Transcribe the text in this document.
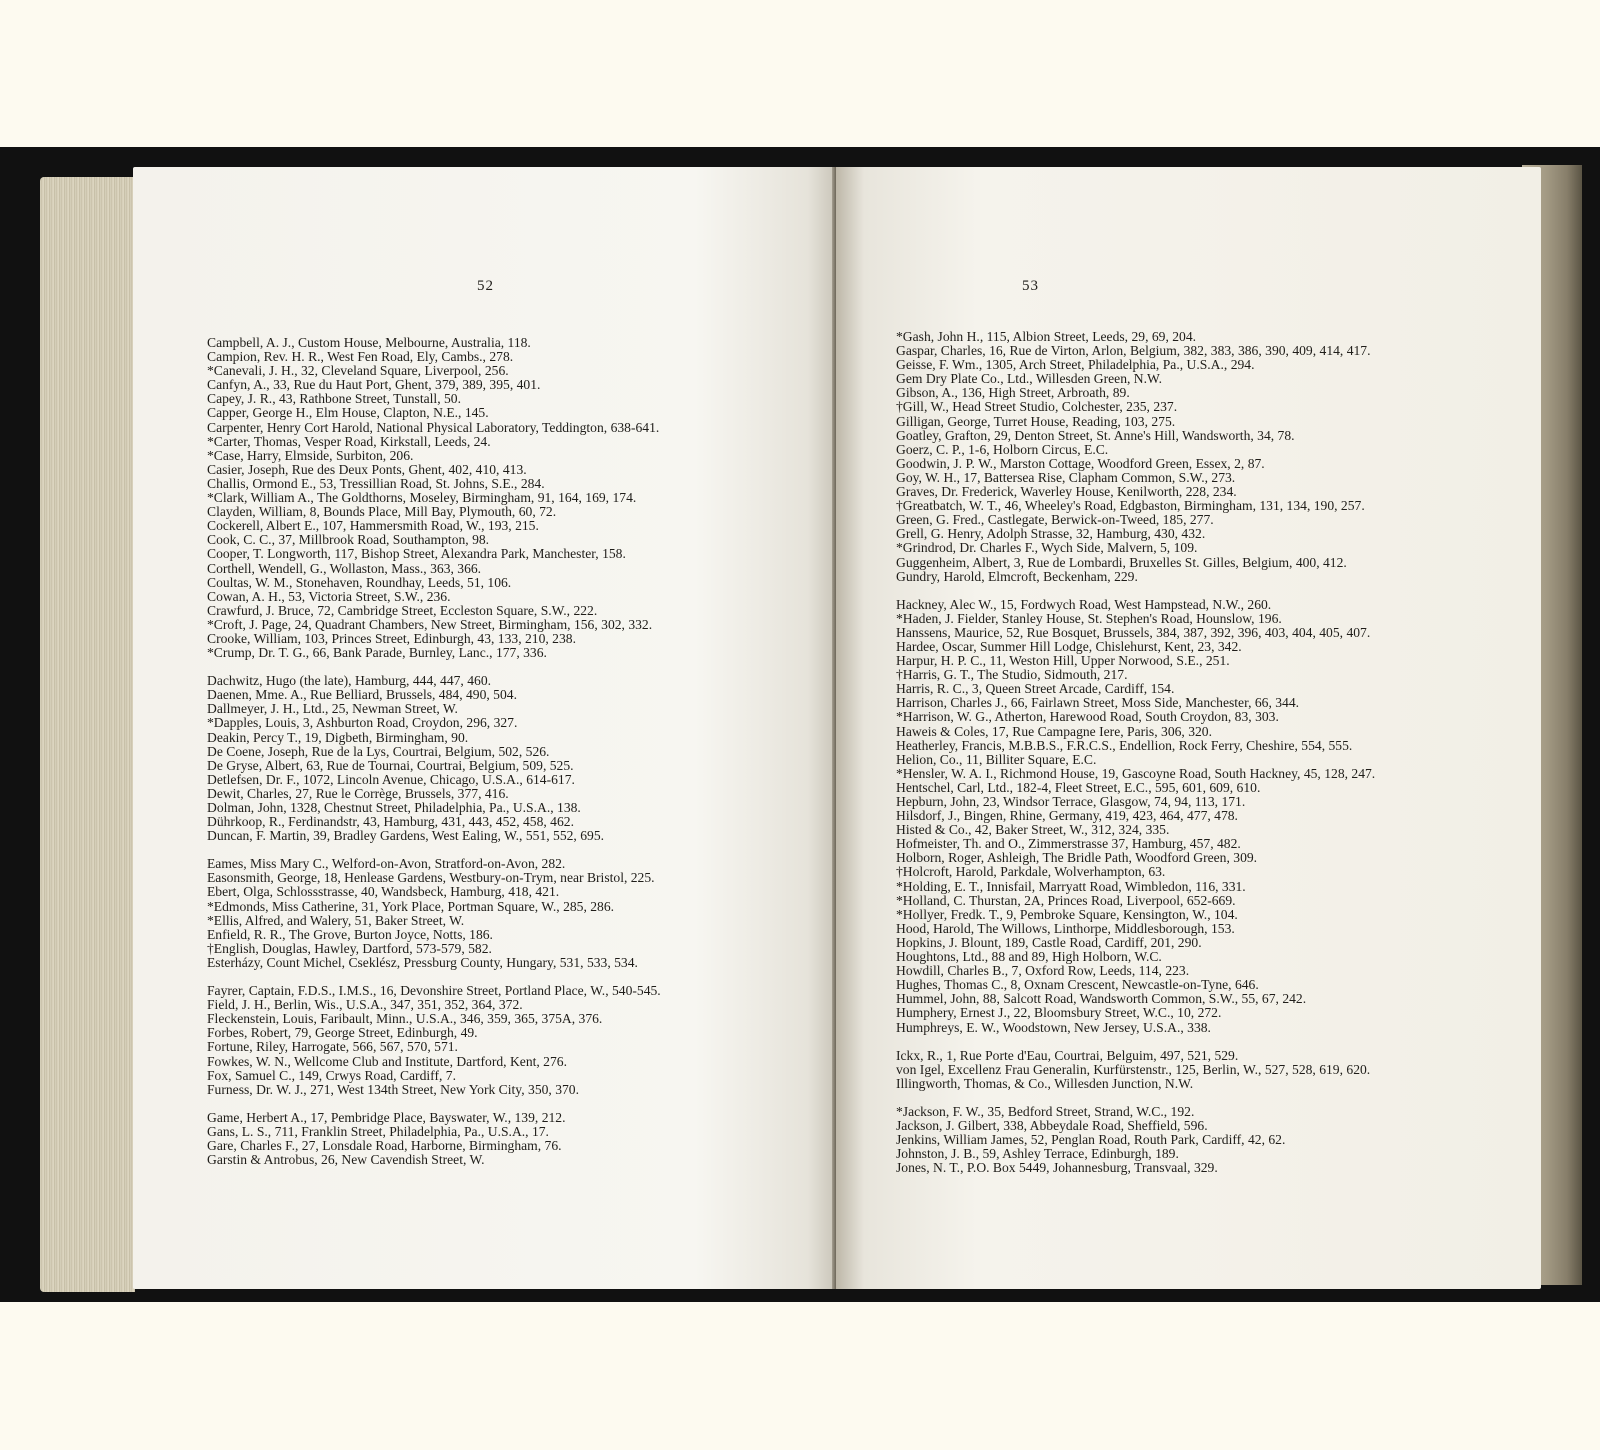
52
Campbell, A. J., Custom House, Melbourne, Australia, 118.
Campion, Rev. H. R., West Fen Road, Ely, Cambs., 278.
*Canevali, J. H., 32, Cleveland Square, Liverpool, 256.
Canfyn, A., 33, Rue du Haut Port, Ghent, 379, 389, 395, 401.
Capey, J. R., 43, Rathbone Street, Tunstall, 50.
Capper, George H., Elm House, Clapton, N.E., 145.
Carpenter, Henry Cort Harold, National Physical Laboratory, Teddington, 638-641.
*Carter, Thomas, Vesper Road, Kirkstall, Leeds, 24.
*Case, Harry, Elmside, Surbiton, 206.
Casier, Joseph, Rue des Deux Ponts, Ghent, 402, 410, 413.
Challis, Ormond E., 53, Tressillian Road, St. Johns, S.E., 284.
*Clark, William A., The Goldthorns, Moseley, Birmingham, 91, 164, 169, 174.
Clayden, William, 8, Bounds Place, Mill Bay, Plymouth, 60, 72.
Cockerell, Albert E., 107, Hammersmith Road, W., 193, 215.
Cook, C. C., 37, Millbrook Road, Southampton, 98.
Cooper, T. Longworth, 117, Bishop Street, Alexandra Park, Manchester, 158.
Corthell, Wendell, G., Wollaston, Mass., 363, 366.
Coultas, W. M., Stonehaven, Roundhay, Leeds, 51, 106.
Cowan, A. H., 53, Victoria Street, S.W., 236.
Crawfurd, J. Bruce, 72, Cambridge Street, Eccleston Square, S.W., 222.
*Croft, J. Page, 24, Quadrant Chambers, New Street, Birmingham, 156, 302, 332.
Crooke, William, 103, Princes Street, Edinburgh, 43, 133, 210, 238.
*Crump, Dr. T. G., 66, Bank Parade, Burnley, Lanc., 177, 336.
Dachwitz, Hugo (the late), Hamburg, 444, 447, 460.
Daenen, Mme. A., Rue Belliard, Brussels, 484, 490, 504.
Dallmeyer, J. H., Ltd., 25, Newman Street, W.
*Dapples, Louis, 3, Ashburton Road, Croydon, 296, 327.
Deakin, Percy T., 19, Digbeth, Birmingham, 90.
De Coene, Joseph, Rue de la Lys, Courtrai, Belgium, 502, 526.
De Gryse, Albert, 63, Rue de Tournai, Courtrai, Belgium, 509, 525.
Detlefsen, Dr. F., 1072, Lincoln Avenue, Chicago, U.S.A., 614-617.
Dewit, Charles, 27, Rue le Corrège, Brussels, 377, 416.
Dolman, John, 1328, Chestnut Street, Philadelphia, Pa., U.S.A., 138.
Dührkoop, R., Ferdinandstr, 43, Hamburg, 431, 443, 452, 458, 462.
Duncan, F. Martin, 39, Bradley Gardens, West Ealing, W., 551, 552, 695.
Eames, Miss Mary C., Welford-on-Avon, Stratford-on-Avon, 282.
Easonsmith, George, 18, Henlease Gardens, Westbury-on-Trym, near Bristol, 225.
Ebert, Olga, Schlossstrasse, 40, Wandsbeck, Hamburg, 418, 421.
*Edmonds, Miss Catherine, 31, York Place, Portman Square, W., 285, 286.
*Ellis, Alfred, and Walery, 51, Baker Street, W.
Enfield, R. R., The Grove, Burton Joyce, Notts, 186.
†English, Douglas, Hawley, Dartford, 573-579, 582.
Esterházy, Count Michel, Cseklész, Pressburg County, Hungary, 531, 533, 534.
Fayrer, Captain, F.D.S., I.M.S., 16, Devonshire Street, Portland Place, W., 540-545.
Field, J. H., Berlin, Wis., U.S.A., 347, 351, 352, 364, 372.
Fleckenstein, Louis, Faribault, Minn., U.S.A., 346, 359, 365, 375A, 376.
Forbes, Robert, 79, George Street, Edinburgh, 49.
Fortune, Riley, Harrogate, 566, 567, 570, 571.
Fowkes, W. N., Wellcome Club and Institute, Dartford, Kent, 276.
Fox, Samuel C., 149, Crwys Road, Cardiff, 7.
Furness, Dr. W. J., 271, West 134th Street, New York City, 350, 370.
Game, Herbert A., 17, Pembridge Place, Bayswater, W., 139, 212.
Gans, L. S., 711, Franklin Street, Philadelphia, Pa., U.S.A., 17.
Gare, Charles F., 27, Lonsdale Road, Harborne, Birmingham, 76.
Garstin & Antrobus, 26, New Cavendish Street, W.
53
*Gash, John H., 115, Albion Street, Leeds, 29, 69, 204.
Gaspar, Charles, 16, Rue de Virton, Arlon, Belgium, 382, 383, 386, 390, 409, 414, 417.
Geisse, F. Wm., 1305, Arch Street, Philadelphia, Pa., U.S.A., 294.
Gem Dry Plate Co., Ltd., Willesden Green, N.W.
Gibson, A., 136, High Street, Arbroath, 89.
†Gill, W., Head Street Studio, Colchester, 235, 237.
Gilligan, George, Turret House, Reading, 103, 275.
Goatley, Grafton, 29, Denton Street, St. Anne's Hill, Wandsworth, 34, 78.
Goerz, C. P., 1-6, Holborn Circus, E.C.
Goodwin, J. P. W., Marston Cottage, Woodford Green, Essex, 2, 87.
Goy, W. H., 17, Battersea Rise, Clapham Common, S.W., 273.
Graves, Dr. Frederick, Waverley House, Kenilworth, 228, 234.
†Greatbatch, W. T., 46, Wheeley's Road, Edgbaston, Birmingham, 131, 134, 190, 257.
Green, G. Fred., Castlegate, Berwick-on-Tweed, 185, 277.
Grell, G. Henry, Adolph Strasse, 32, Hamburg, 430, 432.
*Grindrod, Dr. Charles F., Wych Side, Malvern, 5, 109.
Guggenheim, Albert, 3, Rue de Lombardi, Bruxelles St. Gilles, Belgium, 400, 412.
Gundry, Harold, Elmcroft, Beckenham, 229.
Hackney, Alec W., 15, Fordwych Road, West Hampstead, N.W., 260.
*Haden, J. Fielder, Stanley House, St. Stephen's Road, Hounslow, 196.
Hanssens, Maurice, 52, Rue Bosquet, Brussels, 384, 387, 392, 396, 403, 404, 405, 407.
Hardee, Oscar, Summer Hill Lodge, Chislehurst, Kent, 23, 342.
Harpur, H. P. C., 11, Weston Hill, Upper Norwood, S.E., 251.
†Harris, G. T., The Studio, Sidmouth, 217.
Harris, R. C., 3, Queen Street Arcade, Cardiff, 154.
Harrison, Charles J., 66, Fairlawn Street, Moss Side, Manchester, 66, 344.
*Harrison, W. G., Atherton, Harewood Road, South Croydon, 83, 303.
Haweis & Coles, 17, Rue Campagne Iere, Paris, 306, 320.
Heatherley, Francis, M.B.B.S., F.R.C.S., Endellion, Rock Ferry, Cheshire, 554, 555.
Helion, Co., 11, Billiter Square, E.C.
*Hensler, W. A. I., Richmond House, 19, Gascoyne Road, South Hackney, 45, 128, 247.
Hentschel, Carl, Ltd., 182-4, Fleet Street, E.C., 595, 601, 609, 610.
Hepburn, John, 23, Windsor Terrace, Glasgow, 74, 94, 113, 171.
Hilsdorf, J., Bingen, Rhine, Germany, 419, 423, 464, 477, 478.
Histed & Co., 42, Baker Street, W., 312, 324, 335.
Hofmeister, Th. and O., Zimmerstrasse 37, Hamburg, 457, 482.
Holborn, Roger, Ashleigh, The Bridle Path, Woodford Green, 309.
†Holcroft, Harold, Parkdale, Wolverhampton, 63.
*Holding, E. T., Innisfail, Marryatt Road, Wimbledon, 116, 331.
*Holland, C. Thurstan, 2A, Princes Road, Liverpool, 652-669.
*Hollyer, Fredk. T., 9, Pembroke Square, Kensington, W., 104.
Hood, Harold, The Willows, Linthorpe, Middlesborough, 153.
Hopkins, J. Blount, 189, Castle Road, Cardiff, 201, 290.
Houghtons, Ltd., 88 and 89, High Holborn, W.C.
Howdill, Charles B., 7, Oxford Row, Leeds, 114, 223.
Hughes, Thomas C., 8, Oxnam Crescent, Newcastle-on-Tyne, 646.
Hummel, John, 88, Salcott Road, Wandsworth Common, S.W., 55, 67, 242.
Humphery, Ernest J., 22, Bloomsbury Street, W.C., 10, 272.
Humphreys, E. W., Woodstown, New Jersey, U.S.A., 338.
Ickx, R., 1, Rue Porte d'Eau, Courtrai, Belguim, 497, 521, 529.
von Igel, Excellenz Frau Generalin, Kurfürstenstr., 125, Berlin, W., 527, 528, 619, 620.
Illingworth, Thomas, & Co., Willesden Junction, N.W.
*Jackson, F. W., 35, Bedford Street, Strand, W.C., 192.
Jackson, J. Gilbert, 338, Abbeydale Road, Sheffield, 596.
Jenkins, William James, 52, Penglan Road, Routh Park, Cardiff, 42, 62.
Johnston, J. B., 59, Ashley Terrace, Edinburgh, 189.
Jones, N. T., P.O. Box 5449, Johannesburg, Transvaal, 329.
